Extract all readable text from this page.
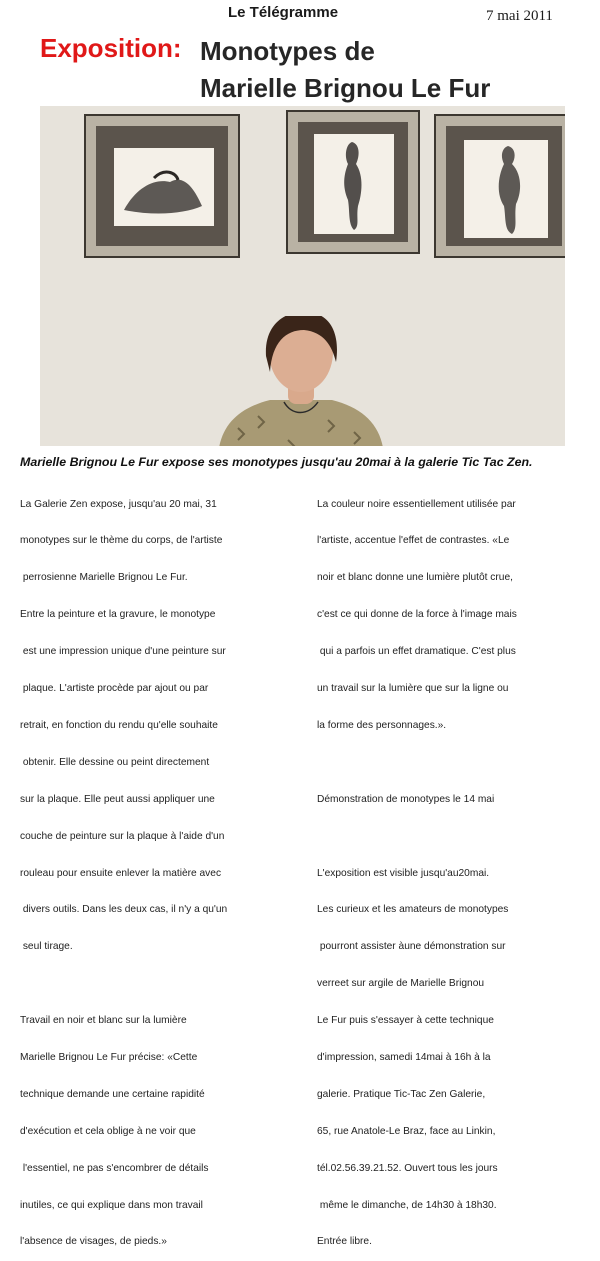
Le Télégramme	7 mai 2011
Exposition: Monotypes de
Marielle Brignou Le Fur
Marielle Brignou Le Fur expose ses monotypes jusqu'au 20mai à la galerie Tic Tac Zen.

La Galerie Zen expose, jusqu'au 20 mai, 31

monotypes sur le thème du corps, de l'artiste

perrosienne Marielle Brignou Le Fur.

Entre la peinture et la gravure, le monotype

est une impression unique d'une peinture sur

plaque. L'artiste procède par ajout ou par

retrait, en fonction du rendu qu'elle souhaite

obtenir. Elle dessine ou peint directement

sur la plaque. Elle peut aussi appliquer une

couche de peinture sur la plaque à l'aide d'un

rouleau pour ensuite enlever la matière avec

divers outils. Dans les deux cas, il n'y a qu'un

seul tirage.

Travail en noir et blanc sur la lumière

Marielle Brignou Le Fur précise: «Cette

technique demande une certaine rapidité

d'exécution et cela oblige à ne voir que

l'essentiel, ne pas s'encombrer de détails

inutiles, ce qui explique dans mon travail

l'absence de visages, de pieds.»

La couleur noire essentiellement utilisée par

l'artiste, accentue l'effet de contrastes. «Le

noir et blanc donne une lumière plutôt crue,

c'est ce qui donne de la force à l'image mais

qui a parfois un effet dramatique. C'est plus

un travail sur la lumière que sur la ligne ou

la forme des personnages.».

Démonstration de monotypes le 14 mai

L'exposition est visible jusqu'au20mai.

Les curieux et les amateurs de monotypes

pourront assister àune démonstration sur

verreet sur argile de Marielle Brignou

Le Fur puis s'essayer à cette technique

d'impression, samedi 14mai à 16h à la

galerie. Pratique Tic-Tac Zen Galerie,

65, rue Anatole-Le Braz, face au Linkin,

tél.02.56.39.21.52. Ouvert tous les jours

même le dimanche, de 14h30 à 18h30.

Entrée libre.
